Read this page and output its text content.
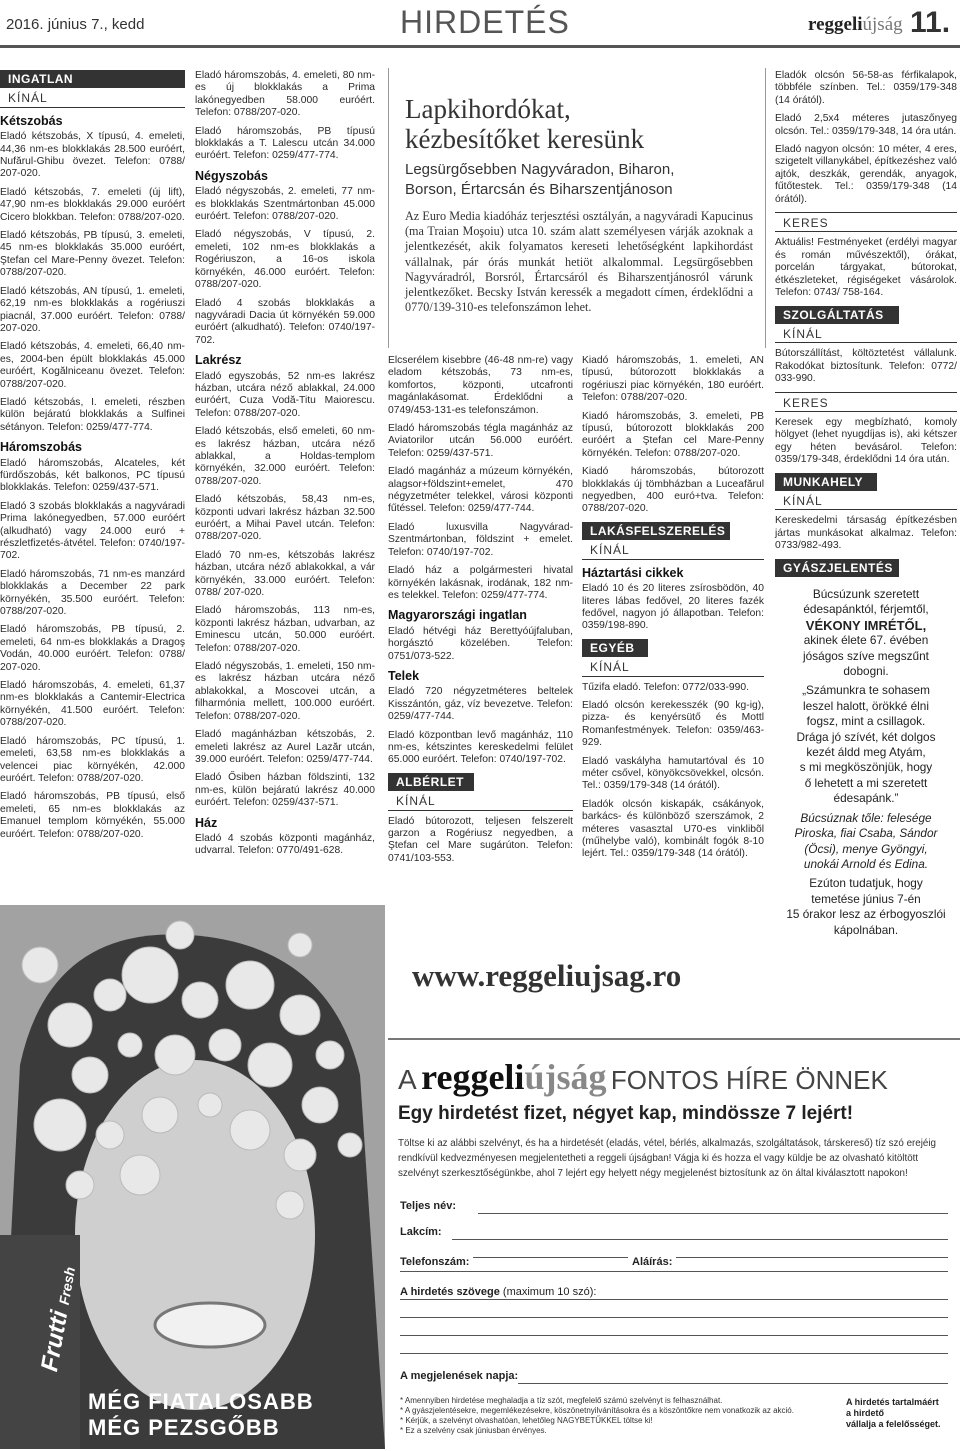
2016. június 7., kedd	HIRDETÉS	reggeliújság 11.
INGATLAN
KÍNÁL
Kétszobás

Eladó kétszobás, X típusú, 4. emeleti, 44,36 nm-es blokklakás 28.500 euróért, Nufărul-Ghibu övezet. Telefon: 0788/ 207-020.

Eladó kétszobás, 7. emeleti (új lift), 47,90 nm-es blokklakás 29.000 euróért Cicero blokkban. Telefon: 0788/207-020.

Eladó kétszobás, PB típusú, 3. emeleti, 45 nm-es blokklakás 35.000 euróért, Ştefan cel Mare-Penny övezet. Telefon: 0788/207-020.

Eladó kétszobás, AN típusú, 1. emeleti, 62,19 nm-es blokklakás a rogériuszi piacnál, 37.000 euróért. Telefon: 0788/ 207-020.

Eladó kétszobás, 4. emeleti, 66,40 nm-es, 2004-ben épült blokklakás 45.000 euróért, Kogălniceanu övezet. Telefon: 0788/207-020.

Eladó kétszobás, I. emeleti, részben külön bejáratú blokklakás a Sulfinei sétányon. Telefon: 0259/477-774.

Háromszobás

Eladó háromszobás, Alcateles, két fürdőszobás, két balkonos, PC típusú blokklakás. Telefon: 0259/437-571.

Eladó 3 szobás blokklakás a nagyváradi Prima lakónegyedben, 57.000 euróért (alkudható) vagy 24.000 euró + részletfizetés-átvétel. Telefon: 0740/197-702.

Eladó háromszobás, 71 nm-es manzárd blokklakás a December 22 park környékén, 35.500 euróért. Telefon: 0788/207-020.

Eladó háromszobás, PB típusú, 2. emeleti, 64 nm-es blokklakás a Dragoş Vodán, 40.000 euróért. Telefon: 0788/ 207-020.

Eladó háromszobás, 4. emeleti, 61,37 nm-es blokklakás a Cantemir-Electrica környékén, 41.500 euróért. Telefon: 0788/207-020.

Eladó háromszobás, PC típusú, 1. emeleti, 63,58 nm-es blokklakás a velencei piac környékén, 42.000 euróért. Telefon: 0788/207-020.

Eladó háromszobás, PB típusú, első emeleti, 65 nm-es blokklakás az Emanuel templom környékén, 55.000 euróért. Telefon: 0788/207-020.

Eladó háromszobás, 4. emeleti, 80 nm-es új blokklakás a Prima lakónegyedben 58.000 euróért. Telefon: 0788/207-020.

Eladó háromszobás, PB típusú blokklakás a T. Lalescu utcán 34.000 euróért. Telefon: 0259/477-774.

Négyszobás

Eladó négyszobás, 2. emeleti, 77 nm-es blokklakás Szentmártonban 45.000 euróért. Telefon: 0788/207-020.

Eladó négyszobás, V típusú, 2. emeleti, 102 nm-es blokklakás a Rogériuszon, a 16-os iskola környékén, 46.000 euróért. Telefon: 0788/207-020.

Eladó 4 szobás blokklakás a nagyváradi Dacia út környékén 59.000 euróért (alkudható). Telefon: 0740/197-702.

Lakrész

Eladó egyszobás, 52 nm-es lakrész házban, utcára néző ablakkal, 24.000 euróért, Cuza Vodă-Titu Maiorescu. Telefon: 0788/207-020.

Eladó kétszobás, első emeleti, 60 nm-es lakrész házban, utcára néző ablakkal, a Holdas-templom környékén, 32.000 euróért. Telefon: 0788/207-020.

Eladó kétszobás, 58,43 nm-es, központi udvari lakrész házban 32.500 euróért, a Mihai Pavel utcán. Telefon: 0788/207-020.

Eladó 70 nm-es, kétszobás lakrész házban, utcára néző ablakokkal, a vár környékén, 33.000 euróért. Telefon: 0788/ 207-020.

Eladó háromszobás, 113 nm-es, központi lakrész házban, udvarban, az Eminescu utcán, 50.000 euróért. Telefon: 0788/207-020.

Eladó négyszobás, 1. emeleti, 150 nm-es lakrész házban utcára néző ablakokkal, a Moscovei utcán, a filharmónia mellett, 100.000 euróért. Telefon: 0788/207-020.

Eladó magánházban kétszobás, 2. emeleti lakrész az Aurel Lazăr utcán, 39.000 euróért. Telefon: 0259/477-744.

Eladó Ősiben házban földszinti, 132 nm-es, külön bejáratú lakrész 40.000 euróért. Telefon: 0259/437-571.

Ház

Eladó 4 szobás központi magánház, udvarral. Telefon: 0770/491-628.

Lapkihordókat,
kézbesítőket keresünk
Legsürgősebben Nagyváradon, Biharon,
Borson, Értarcsán és Biharszentjánoson
Az Euro Media kiadóház terjesztési osztályán, a nagyváradi Kapucinus (ma Traian Moşoiu) utca 10. szám alatt személyesen várják azoknak a jelentkezését, akik folyamatos kereseti lehetőségként lapkihordást vállalnak, pár órás munkát hetiöt alkalommal. Legsürgősebben Nagyváradról, Borsról, Értarcsáról és Biharszentjánosról várunk jelentkezőket. Becsky István keressék a megadott címen, érdeklődni a 0770/139-310-es telefonszámon lehet.

Elcserélem kisebbre (46-48 nm-re) vagy eladom kétszobás, 73 nm-es, komfortos, központi, utcafronti magánlakásomat. Érdeklődni a 0749/453-131-es telefonszámon.

Eladó háromszobás tégla magánház az Aviatorilor utcán 56.000 euróért. Telefon: 0259/437-571.

Eladó magánház a múzeum környékén, alagsor+földszint+emelet, 470 négyzetméter telekkel, városi központi fűtéssel. Telefon: 0259/477-744.

Eladó luxusvilla Nagyvárad-Szentmártonban, földszint + emelet. Telefon: 0740/197-702.

Eladó ház a polgármesteri hivatal környékén lakásnak, irodának, 182 nm-es telekkel. Telefon: 0259/477-774.

Magyarországi ingatlan

Eladó hétvégi ház Berettyóújfaluban, horgásztó közelében. Telefon: 0751/073-522.

Telek

Eladó 720 négyzetméteres beltelek Kisszántón, gáz, víz bevezetve. Telefon: 0259/477-744.

Eladó központban levő magánház, 110 nm-es, kétszintes kereskedelmi felület 65.000 euróért. Telefon: 0740/197-702.

ALBÉRLET
KÍNÁL

Eladó bútorozott, teljesen felszerelt garzon a Rogériusz negyedben, a Ştefan cel Mare sugárúton. Telefon: 0741/103-553.

Kiadó háromszobás, 1. emeleti, AN típusú, bútorozott blokklakás a rogériuszi piac környékén, 180 euróért. Telefon: 0788/207-020.

Kiadó háromszobás, 3. emeleti, PB típusú, bútorozott blokklakás 200 euróért a Ştefan cel Mare-Penny környékén. Telefon: 0788/207-020.

Kiadó háromszobás, bútorozott blokklakás új tömbházban a Luceafărul negyedben, 400 euró+tva. Telefon: 0788/207-020.

LAKÁSFELSZERELÉS
KÍNÁL
Háztartási cikkek

Eladó 10 és 20 literes zsírosbödön, 40 literes lábas fedővel, 20 literes fazék fedővel, nagyon jó állapotban. Telefon: 0359/198-890.

EGYÉB
KÍNÁL

Tűzifa eladó. Telefon: 0772/033-990.

Eladó olcsón kerekesszék (90 kg-ig), pizza- és kenyérsütő és Mottl Romanfestmények. Telefon: 0359/463-929.

Eladó vaskályha hamutartóval és 10 méter csővel, könyökcsövekkel, olcsón. Tel.: 0359/179-348 (14 órától).

Eladók olcsón kiskapák, csákányok, barkács- és különböző szerszámok, 2 méteres vasasztal U70-es vinklibõl (műhelybe való), kombinált fogók 8-10 lejért. Tel.: 0359/179-348 (14 órától).

Eladók olcsón 56-58-as férfikalapok, többféle színben. Tel.: 0359/179-348 (14 órától).

Eladó 2,5x4 méteres jutaszőnyeg olcsón. Tel.: 0359/179-348, 14 óra után.

Eladó nagyon olcsón: 10 méter, 4 eres, szigetelt villanykábel, építkezéshez való ajtók, deszkák, gerendák, anyagok, fűtőtestek. Tel.: 0359/179-348 (14 órától).

KERES

Aktuális! Festményeket (erdélyi magyar és román művészektől), órákat, porcelán tárgyakat, bútorokat, étkészleteket, régiségeket vásárolok. Telefon: 0743/ 758-164.

SZOLGÁLTATÁS
KÍNÁL

Bútorszállítást, költöztetést vállalunk. Rakodókat biztosítunk. Telefon: 0772/ 033-990.

KERES

Keresek egy megbízható, komoly hölgyet (lehet nyugdíjas is), aki kétszer egy héten bevásárol. Telefon: 0359/179-348, érdeklődni 14 óra után.

MUNKAHELY
KÍNÁL

Kereskedelmi társaság építkezésben jártas munkásokat alkalmaz. Telefon: 0733/982-493.

GYÁSZJELENTÉS
Búcsúzunk szeretett
édesapánktól, férjemtől,
VÉKONY IMRÉTŐL,
akinek élete 67. évében
jóságos szíve megszűnt
dobogni.
„Számunkra te sohasem
leszel halott, örökké élni
fogsz, mint a csillagok.
Drága jó szívét, két dolgos
kezét áldd meg Atyám,
s mi megköszönjük, hogy
ő lehetett a mi szeretett
édesapánk.”
Búcsúznak tőle: felesége
Piroska, fiai Csaba, Sándor
(Öcsi), menye Gyöngyi,
unokái Arnold és Edina.
Ezúton tudatjuk, hogy
temetése június 7-én
15 órakor lesz az érbogyoszlói
kápolnában.
www.reggeliujsag.ro
Frutti Fresh
MÉG FIATALOSABB
MÉG PEZSGŐBB
A reggeliújság FONTOS HÍRE ÖNNEK
Egy hirdetést fizet, négyet kap, mindössze 7 lejért!
Töltse ki az alábbi szelvényt, és ha a hirdetését (eladás, vétel, bérlés, alkalmazás, szolgáltatások, társkereső) tíz szó erejéig rendkívül kedvezményesen megjelentetheti a reggeli újságban! Vágja ki és hozza el vagy küldje be az olvasható kitöltött szelvényt szerkesztőségünkbe, ahol 7 lejért egy helyett négy megjelenést biztosítunk az ön által kiválasztott napokon!
Teljes név:
Lakcím:
Telefonszám:	Aláírás:
A hirdetés szövege (maximum 10 szó):
A megjelenések napja:
* Amennyiben hirdetése meghaladja a tíz szót, megfelelő számú szelvényt is felhasználhat.
* A gyászjelentésekre, megemlékezésekre, köszönetnyilvánításokra és a köszöntőkre nem vonatkozik az akció.
* Kérjük, a szelvényt olvashatóan, lehetőleg NAGYBETŰKKEL töltse ki!
* Ez a szelvény csak júniusban érvényes.
A hirdetés tartalmáért
a hirdető
vállalja a felelősséget.
